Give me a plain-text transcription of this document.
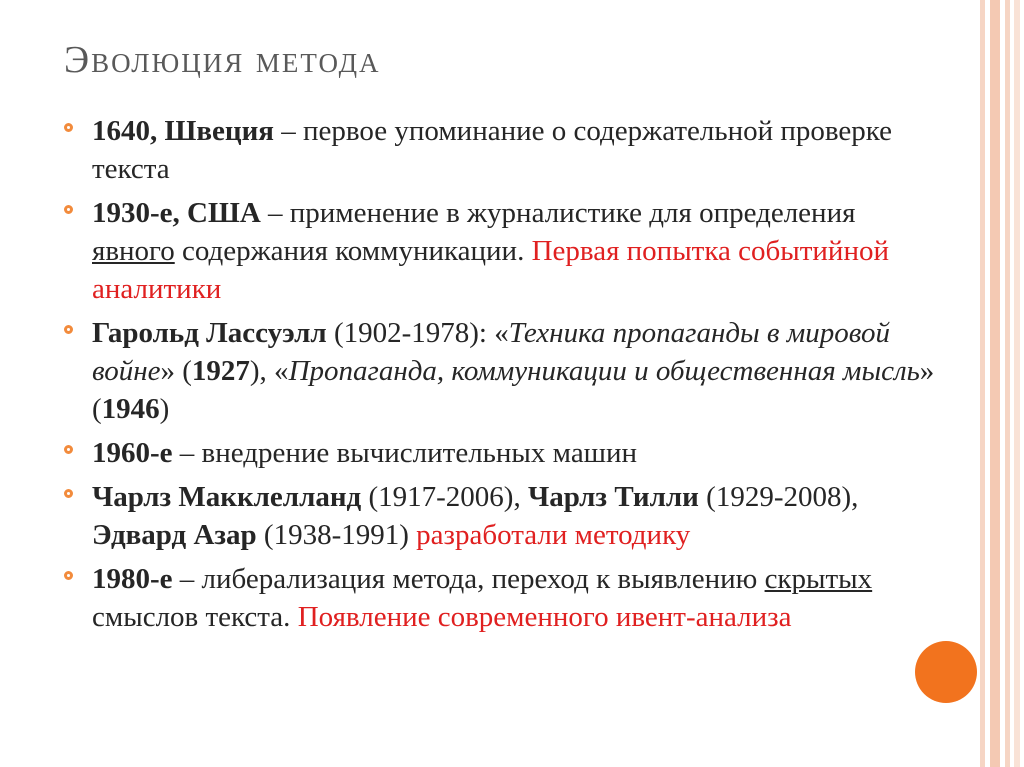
Эволюция метода
1640, Швеция – первое упоминание о содержательной проверке текста
1930-е, США – применение в журналистике для определения явного содержания коммуникации. Первая попытка событийной аналитики
Гарольд Лассуэлл (1902-1978): «Техника пропаганды в мировой войне» (1927), «Пропаганда, коммуникации и общественная мысль» (1946)
1960-е – внедрение вычислительных машин
Чарлз Макклелланд (1917-2006), Чарлз Тилли (1929-2008), Эдвард Азар (1938-1991) разработали методику
1980-е – либерализация метода, переход к выявлению скрытых смыслов текста. Появление современного ивент-анализа
